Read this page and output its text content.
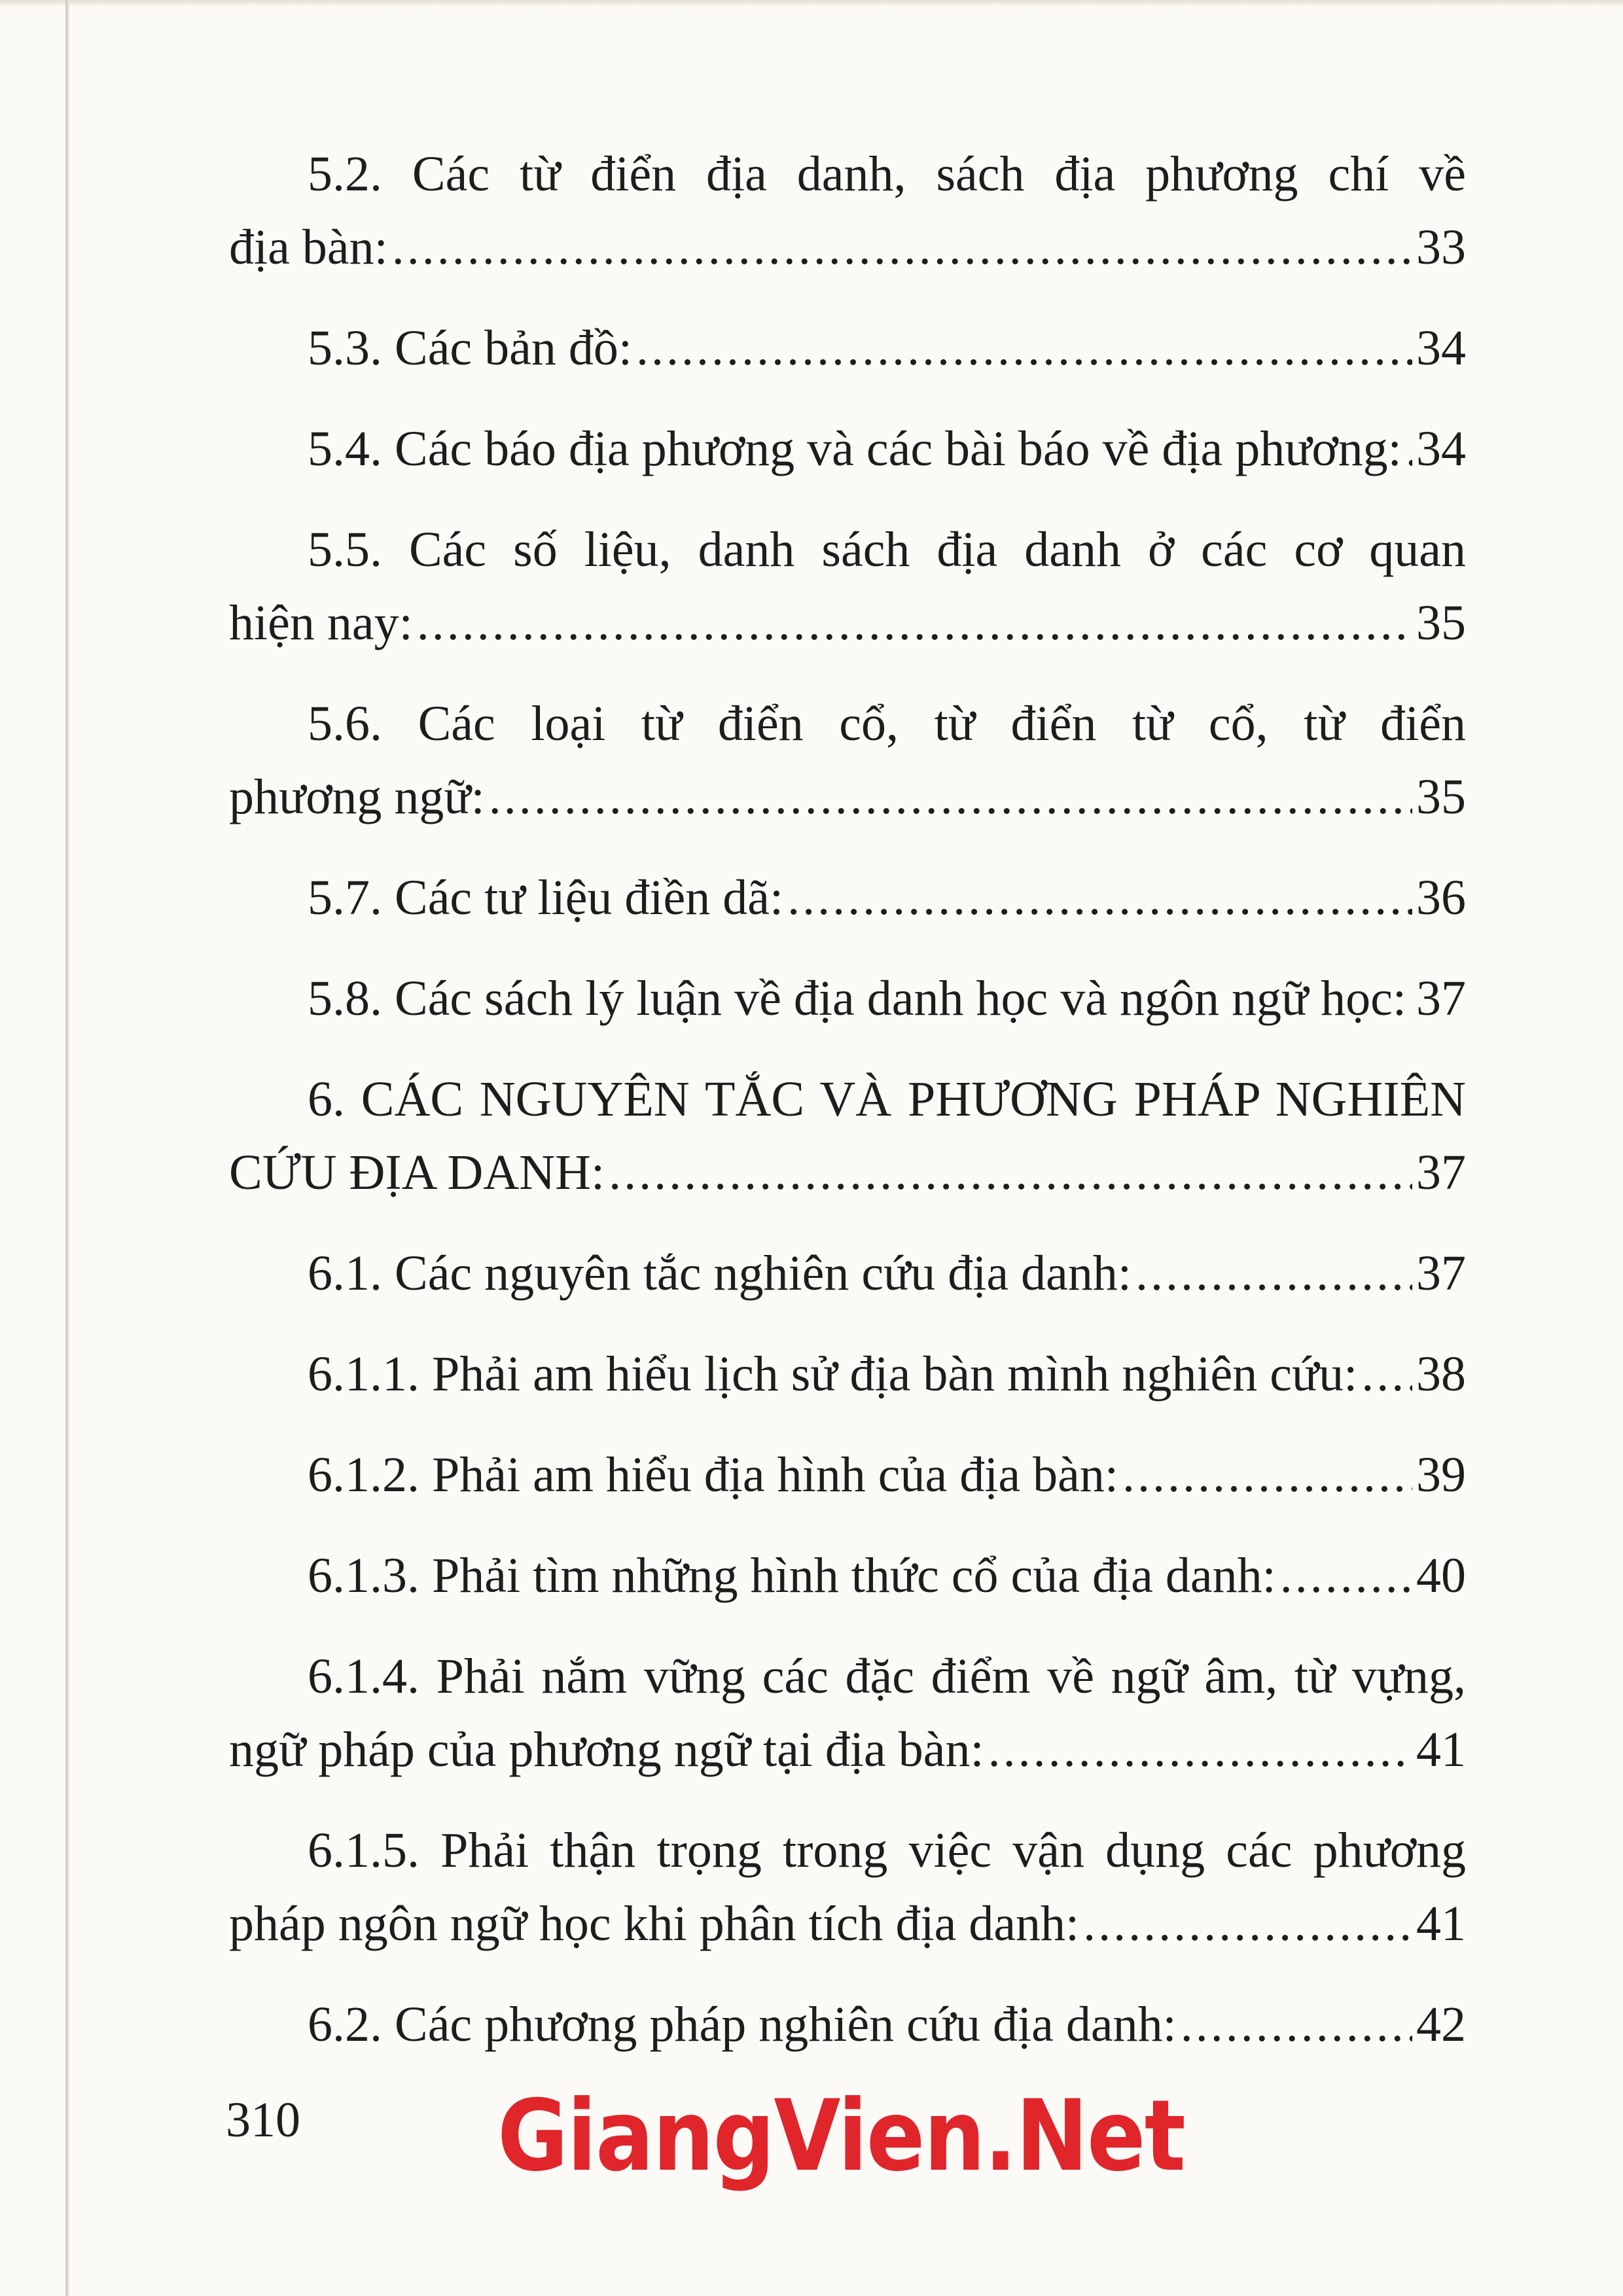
5.2. Các từ điển địa danh, sách địa phương chí về
địa bàn: .....	33
5.3. Các bản đồ: .....	34
5.4. Các báo địa phương và các bài báo về địa phương: ..... 34
5.5. Các số liệu, danh sách địa danh ở các cơ quan
hiện nay: .....	35
5.6. Các loại từ điển cổ, từ điển từ cổ, từ điển
phương ngữ: .....	35
5.7. Các tư liệu điền dã: .....	36
5.8. Các sách lý luận về địa danh học và ngôn ngữ học: ..... 37
6. CÁC NGUYÊN TẮC VÀ PHƯƠNG PHÁP NGHIÊN
CỨU ĐỊA DANH: .....	37
6.1. Các nguyên tắc nghiên cứu địa danh: .....	37
6.1.1. Phải am hiểu lịch sử địa bàn mình nghiên cứu: ..... 38
6.1.2. Phải am hiểu địa hình của địa bàn: .....	39
6.1.3. Phải tìm những hình thức cổ của địa danh: .....	40
6.1.4. Phải nắm vững các đặc điểm về ngữ âm, từ vựng,
ngữ pháp của phương ngữ tại địa bàn: .....	41
6.1.5. Phải thận trọng trong việc vận dụng các phương
pháp ngôn ngữ học khi phân tích địa danh: .....	41
6.2. Các phương pháp nghiên cứu địa danh: .....	42
310 GiangVien.Net
